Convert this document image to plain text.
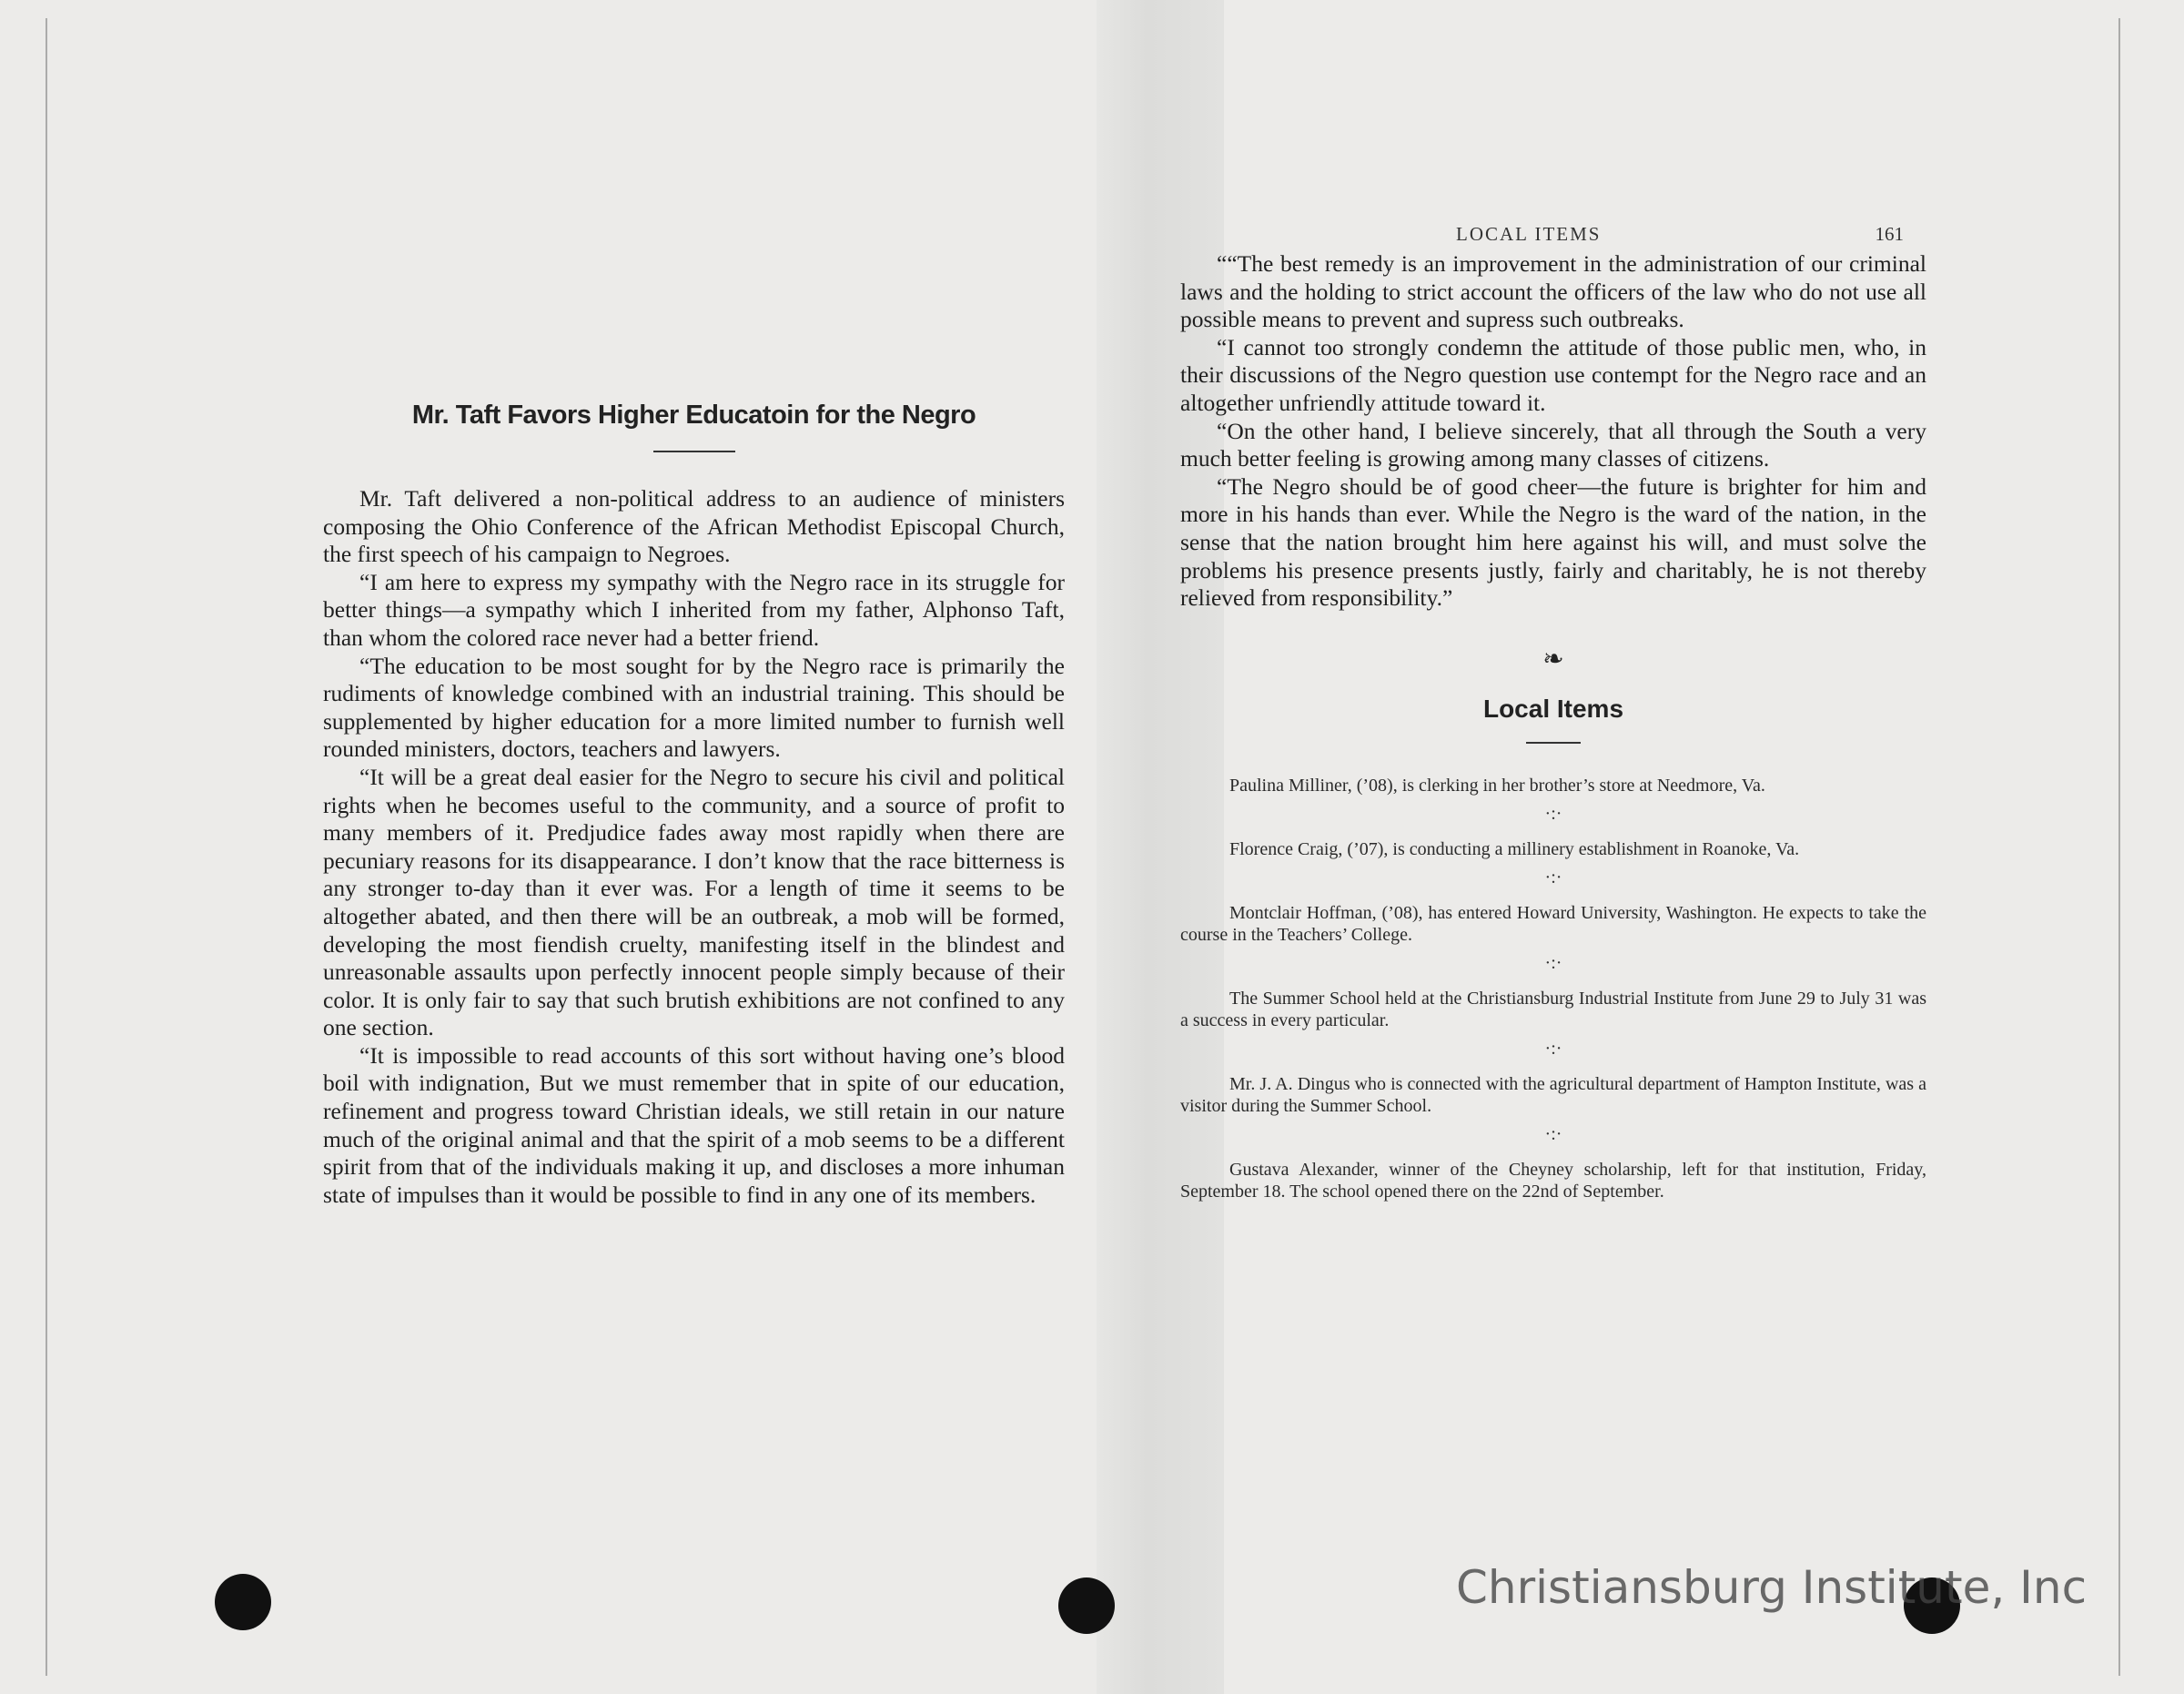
Mr. Taft Favors Higher Educatoin for the Negro

Mr. Taft delivered a non-political address to an audience of ministers composing the Ohio Conference of the African Methodist Episcopal Church, the first speech of his campaign to Negroes.

“I am here to express my sympathy with the Negro race in its struggle for better things—a sympathy which I inherited from my father, Alphonso Taft, than whom the colored race never had a better friend.

“The education to be most sought for by the Negro race is primarily the rudiments of knowledge combined with an industrial training. This should be supplemented by higher education for a more limited number to furnish well rounded ministers, doctors, teachers and lawyers.

“It will be a great deal easier for the Negro to secure his civil and political rights when he becomes useful to the community, and a source of profit to many members of it. Predjudice fades away most rapidly when there are pecuniary reasons for its disappearance. I don’t know that the race bitterness is any stronger to-day than it ever was. For a length of time it seems to be altogether abated, and then there will be an outbreak, a mob will be formed, developing the most fiendish cruelty, manifesting itself in the blindest and unreasonable assaults upon perfectly innocent people simply because of their color. It is only fair to say that such brutish exhibitions are not confined to any one section.

“It is impossible to read accounts of this sort without having one’s blood boil with indignation, But we must remember that in spite of our education, refinement and progress toward Christian ideals, we still retain in our nature much of the original animal and that the spirit of a mob seems to be a different spirit from that of the individuals making it up, and discloses a more inhuman state of impulses than it would be possible to find in any one of its members.

LOCAL ITEMS	161

““The best remedy is an improvement in the administration of our criminal laws and the holding to strict account the officers of the law who do not use all possible means to prevent and supress such outbreaks.

“I cannot too strongly condemn the attitude of those public men, who, in their discussions of the Negro question use contempt for the Negro race and an altogether unfriendly attitude toward it.

“On the other hand, I believe sincerely, that all through the South a very much better feeling is growing among many classes of citizens.

“The Negro should be of good cheer—the future is brighter for him and more in his hands than ever. While the Negro is the ward of the nation, in the sense that the nation brought him here against his will, and must solve the problems his presence presents justly, fairly and charitably, he is not thereby relieved from responsibility.”

❧
Local Items

Paulina Milliner, (’08), is clerking in her brother’s store at Needmore, Va.

·:·

Florence Craig, (’07), is conducting a millinery establishment in Roanoke, Va.

·:·

Montclair Hoffman, (’08), has entered Howard University, Washington. He expects to take the course in the Teachers’ College.

·:·

The Summer School held at the Christiansburg Industrial Institute from June 29 to July 31 was a success in every particular.

·:·

Mr. J. A. Dingus who is connected with the agricultural department of Hampton Institute, was a visitor during the Summer School.

·:·

Gustava Alexander, winner of the Cheyney scholarship, left for that institution, Friday, September 18. The school opened there on the 22nd of September.

Christiansburg Institute, Inc
